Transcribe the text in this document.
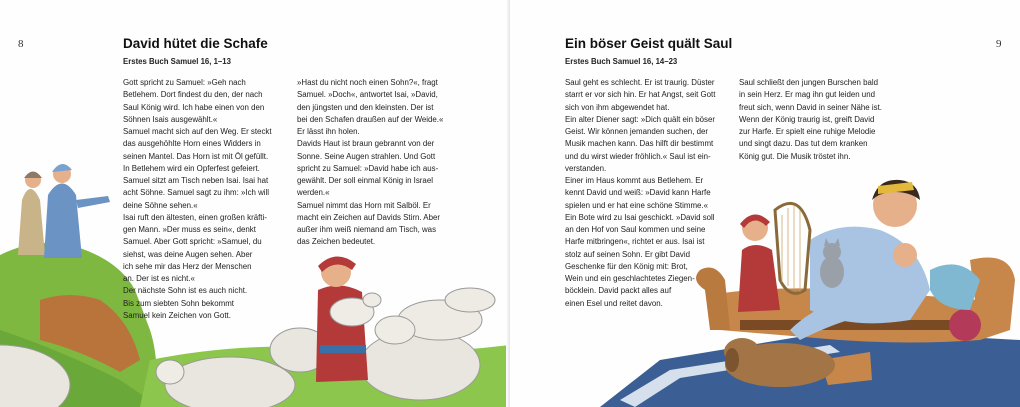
8	David hütet die Schafe
Erstes Buch Samuel 16, 1–13

Gott spricht zu Samuel: »Geh nach
Betlehem. Dort findest du den, der nach
Saul König wird. Ich habe einen von den
Söhnen Isais ausgewählt.«
Samuel macht sich auf den Weg. Er steckt
das ausgehöhlte Horn eines Widders in
seinen Mantel. Das Horn ist mit Öl gefüllt.
In Betlehem wird ein Opferfest gefeiert.
Samuel sitzt am Tisch neben Isai. Isai hat
acht Söhne. Samuel sagt zu ihm: »Ich will
deine Söhne sehen.«
Isai ruft den ältesten, einen großen kräfti-
gen Mann. »Der muss es sein«, denkt
Samuel. Aber Gott spricht: »Samuel, du
siehst, was deine Augen sehen. Aber
ich sehe mir das Herz der Menschen
an. Der ist es nicht.«
Der nächste Sohn ist es auch nicht.
Bis zum siebten Sohn bekommt
Samuel kein Zeichen von Gott.

»Hast du nicht noch einen Sohn?«, fragt
Samuel. »Doch«, antwortet Isai, »David,
den jüngsten und den kleinsten. Der ist
bei den Schafen draußen auf der Weide.«
Er lässt ihn holen.
Davids Haut ist braun gebrannt von der
Sonne. Seine Augen strahlen. Und Gott
spricht zu Samuel: »David habe ich aus-
gewählt. Der soll einmal König in Israel
werden.«
Samuel nimmt das Horn mit Salböl. Er
macht ein Zeichen auf Davids Stirn. Aber
außer ihm weiß niemand am Tisch, was
das Zeichen bedeutet.

9
Ein böser Geist quält Saul
Erstes Buch Samuel 16, 14–23

Saul geht es schlecht. Er ist traurig. Düster
starrt er vor sich hin. Er hat Angst, seit Gott
sich von ihm abgewendet hat.
Ein alter Diener sagt: »Dich quält ein böser
Geist. Wir können jemanden suchen, der
Musik machen kann. Das hilft dir bestimmt
und du wirst wieder fröhlich.« Saul ist ein-
verstanden.
Einer im Haus kommt aus Betlehem. Er
kennt David und weiß: »David kann Harfe
spielen und er hat eine schöne Stimme.«
Ein Bote wird zu Isai geschickt. »David soll
an den Hof von Saul kommen und seine
Harfe mitbringen«, richtet er aus. Isai ist
stolz auf seinen Sohn. Er gibt David
Geschenke für den König mit: Brot,
Wein und ein geschlachtetes Ziegen-
böcklein. David packt alles auf
einen Esel und reitet davon.

Saul schließt den jungen Burschen bald
in sein Herz. Er mag ihn gut leiden und
freut sich, wenn David in seiner Nähe ist.
Wenn der König traurig ist, greift David
zur Harfe. Er spielt eine ruhige Melodie
und singt dazu. Das tut dem kranken
König gut. Die Musik tröstet ihn.
